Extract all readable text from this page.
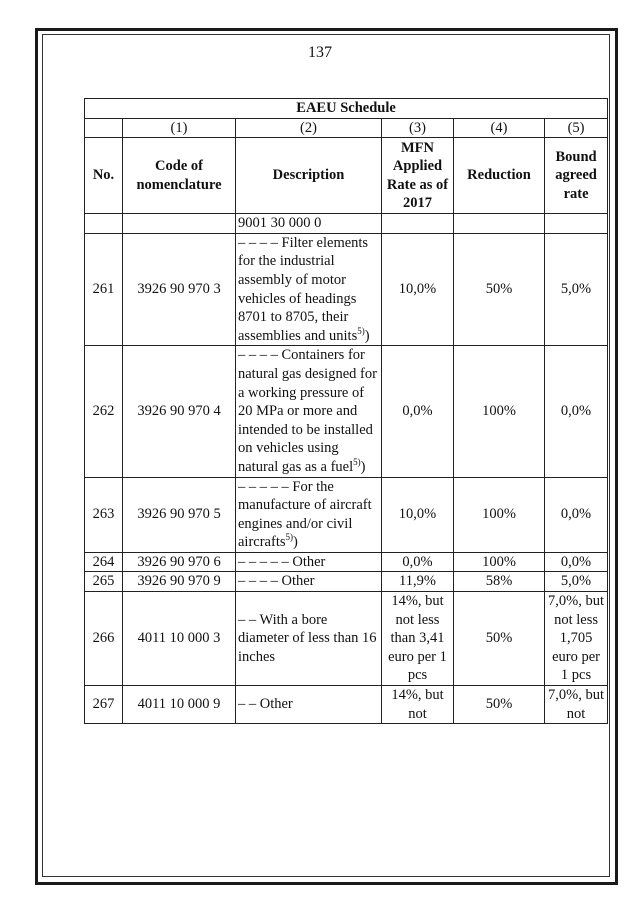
137
EAEU Schedule					
	(1)	(2)	(3)	(4)	(5)
No.	Code of nomenclature	Description	MFN Applied Rate as of 2017	Reduction	Bound agreed rate
		9001 30 000 0			
261	3926 90 970 3	– – – – Filter elements for the industrial assembly of motor vehicles of headings 8701 to 8705, their assemblies and units$^{5)}$)	10,0%	50%	5,0%
262	3926 90 970 4	– – – – Containers for natural gas designed for a working pressure of 20 MPa or more and intended to be installed on vehicles using natural gas as a fuel$^{5)}$)	0,0%	100%	0,0%
263	3926 90 970 5	– – – – – For the manufacture of aircraft engines and/or civil aircrafts$^{5)}$)	10,0%	100%	0,0%
264	3926 90 970 6	– – – – – Other	0,0%	100%	0,0%
265	3926 90 970 9	– – – – Other	11,9%	58%	5,0%
266	4011 10 000 3	– – With a bore diameter of less than 16 inches	14%, but not less than 3,41 euro per 1 pcs	50%	7,0%, but not less 1,705 euro per 1 pcs
267	4011 10 000 9	– – Other	14%, but not	50%	7,0%, but not
